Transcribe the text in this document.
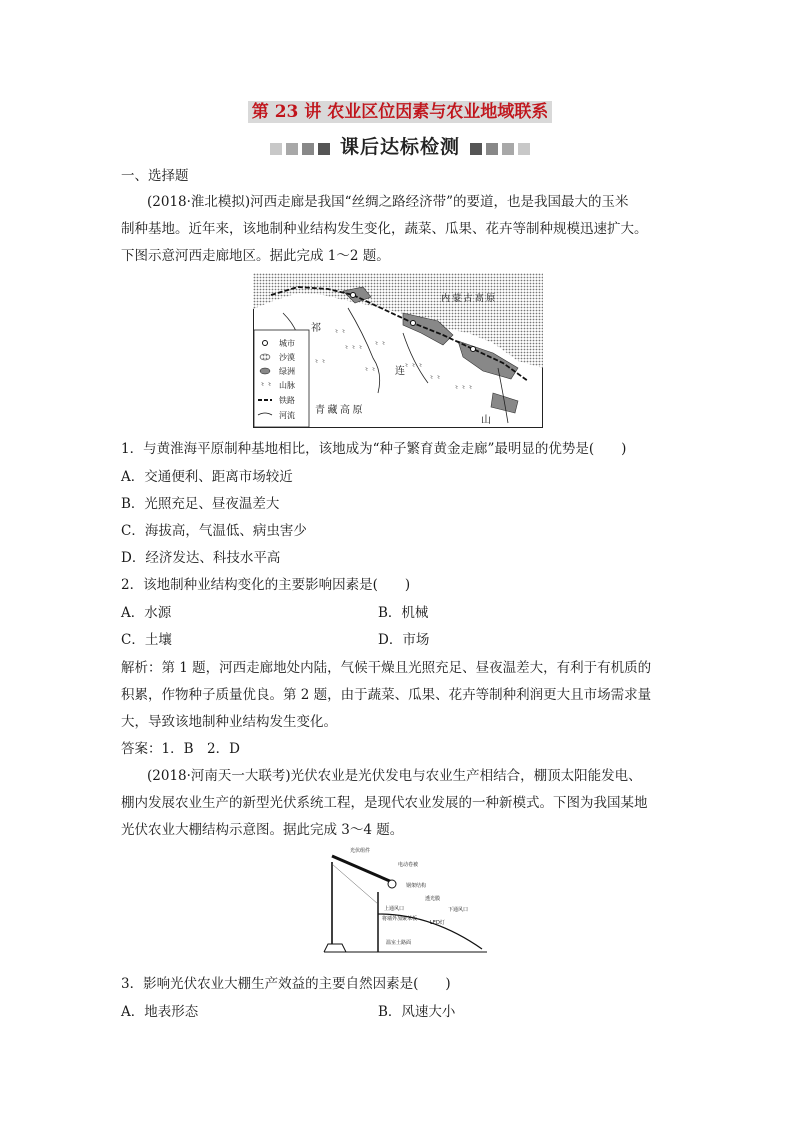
第 23 讲 农业区位因素与农业地域联系
课后达标检测
一、选择题
(2018·淮北模拟)河西走廊是我国“丝绸之路经济带”的要道，也是我国最大的玉米
制种基地。近年来，该地制种业结构发生变化，蔬菜、瓜果、花卉等制种规模迅速扩大。
下图示意河西走廊地区。据此完成 1～2 题。
⺀⺀
⺀⺀⺀ ⺀⺀
⺀⺀⺀
⺀⺀
⺀⺀⺀
⺀⺀
⺀⺀
内 蒙 古 高 原
祁
连
山
青 藏 高 原
城市
沙漠
绿洲
⺀⺀ 山脉
铁路
河流
1．与黄淮海平原制种基地相比，该地成为“种子繁育黄金走廊”最明显的优势是(　　)
A．交通便利、距离市场较近
B．光照充足、昼夜温差大
C．海拔高，气温低、病虫害少
D．经济发达、科技水平高
2．该地制种业结构变化的主要影响因素是(　　)
A．水源	B．机械
C．土壤	D．市场
解析：第 1 题，河西走廊地处内陆，气候干燥且光照充足、昼夜温差大，有利于有机质的
积累，作物种子质量优良。第 2 题，由于蔬菜、瓜果、花卉等制种利润更大且市场需求量
大，导致该地制种业结构发生变化。
答案：1．B　2．D
(2018·河南天一大联考)光伏农业是光伏发电与农业生产相结合，棚顶太阳能发电、
棚内发展农业生产的新型光伏系统工程，是现代农业发展的一种新模式。下图为我国某地
光伏农业大棚结构示意图。据此完成 3～4 题。
光伏组件
电动卷被
钢架结构
透光膜
上通风口	下通风口
将墙外加聚苯板
LED灯
温室土路面
3．影响光伏农业大棚生产效益的主要自然因素是(　　)
A．地表形态	B．风速大小
